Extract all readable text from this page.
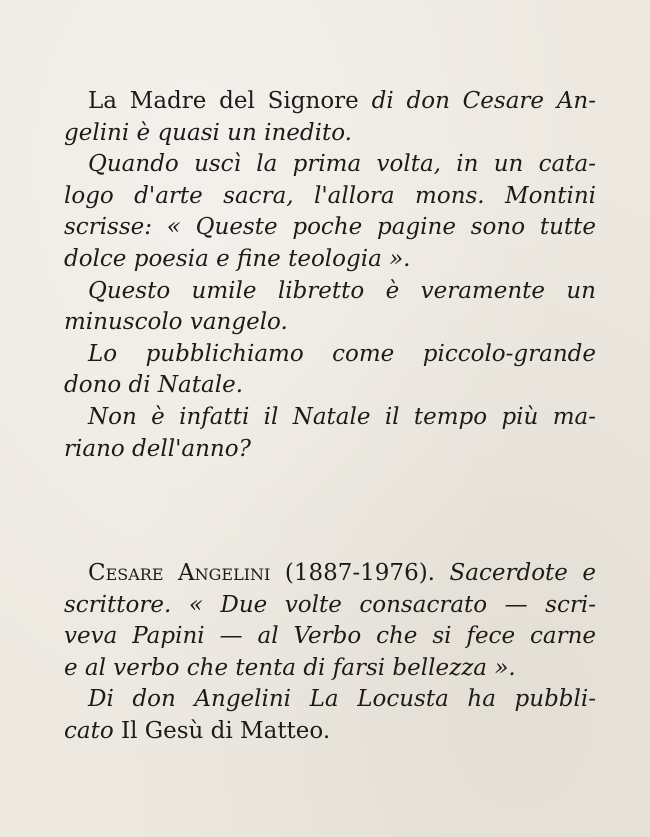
La Madre del Signore di don Cesare An-
gelini è quasi un inedito.
Quando uscì la prima volta, in un cata-
logo d'arte sacra, l'allora mons. Montini
scrisse: « Queste poche pagine sono tutte
dolce poesia e fine teologia ».
Questo umile libretto è veramente un
minuscolo vangelo.
Lo pubblichiamo come piccolo-grande
dono di Natale.
Non è infatti il Natale il tempo più ma-
riano dell'anno?
Cesare Angelini (1887-1976). Sacerdote e
scrittore. « Due volte consacrato — scri-
veva Papini — al Verbo che si fece carne
e al verbo che tenta di farsi bellezza ».
Di don Angelini La Locusta ha pubbli-
cato Il Gesù di Matteo.
